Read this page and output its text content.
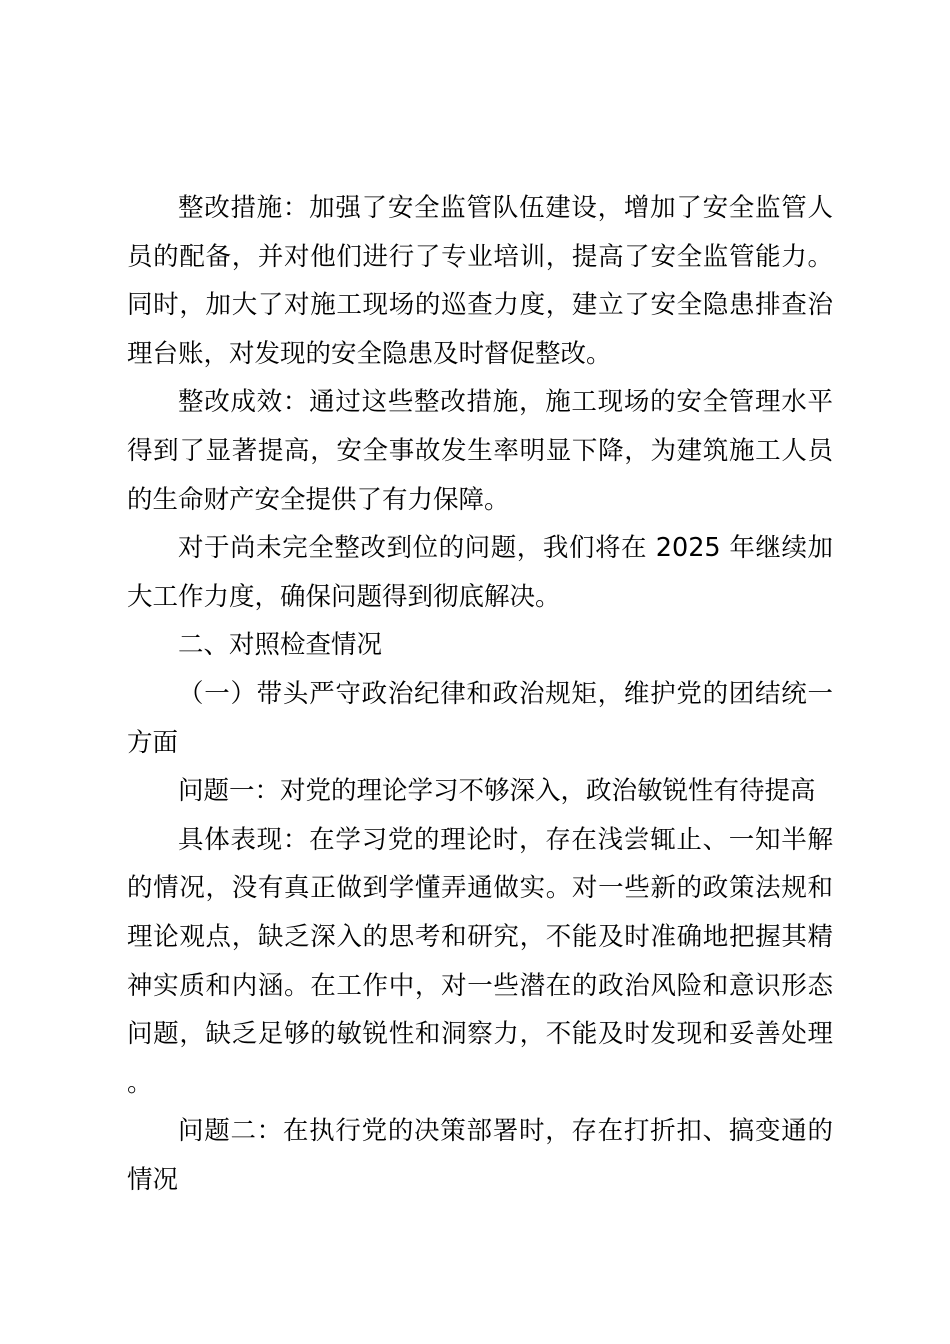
整改措施：加强了安全监管队伍建设，增加了安全监管人员的配备，并对他们进行了专业培训，提高了安全监管能力。同时，加大了对施工现场的巡查力度，建立了安全隐患排查治理台账，对发现的安全隐患及时督促整改。

整改成效：通过这些整改措施，施工现场的安全管理水平得到了显著提高，安全事故发生率明显下降，为建筑施工人员的生命财产安全提供了有力保障。

对于尚未完全整改到位的问题，我们将在 2025 年继续加大工作力度，确保问题得到彻底解决。

二、对照检查情况

（一）带头严守政治纪律和政治规矩，维护党的团结统一方面

问题一：对党的理论学习不够深入，政治敏锐性有待提高

具体表现：在学习党的理论时，存在浅尝辄止、一知半解的情况，没有真正做到学懂弄通做实。对一些新的政策法规和理论观点，缺乏深入的思考和研究，不能及时准确地把握其精神实质和内涵。在工作中，对一些潜在的政治风险和意识形态问题，缺乏足够的敏锐性和洞察力，不能及时发现和妥善处理。

问题二：在执行党的决策部署时，存在打折扣、搞变通的情况
